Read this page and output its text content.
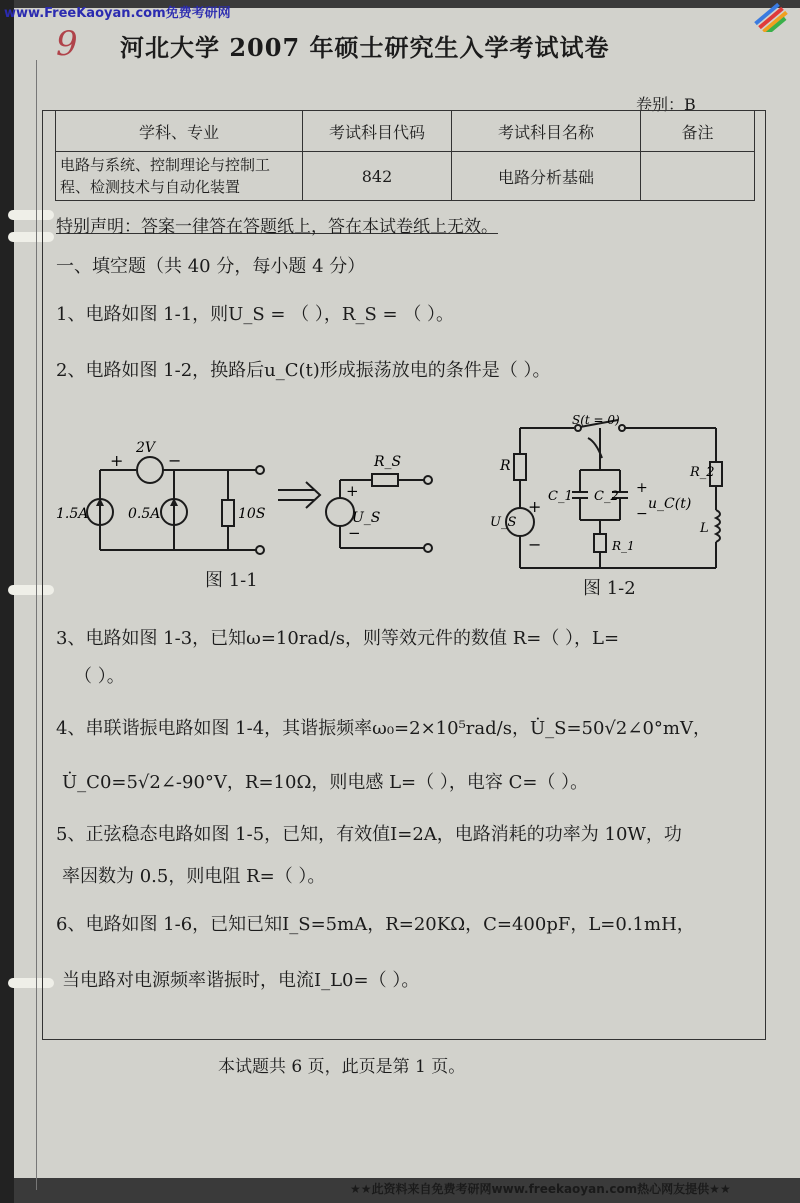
www.FreeKaoyan.com免费考研网
9 河北大学 2007 年硕士研究生入学考试试卷
卷别：B
学科、专业	考试科目代码	考试科目名称	备注
电路与系统、控制理论与控制工程、检测技术与自动化装置	842	电路分析基础	
特别声明：答案一律答在答题纸上，答在本试卷纸上无效。
一、填空题（共 40 分，每小题 4 分）
1、电路如图 1-1，则U_S = （ ），R_S = （ ）。
2、电路如图 1-2，换路后u_C(t)形成振荡放电的条件是（ ）。
+	−
2V
1.5A	0.5A	10S
+
−
R_S
U_S
图 1-1
S(t = 0)
R
U_S
+
−
C_1 C_2
+
−
u_C(t)
R_1
R_2
L
图 1-2
3、电路如图 1-3，已知ω=10rad/s，则等效元件的数值 R=（ ），L=
（ ）。
4、串联谐振电路如图 1-4，其谐振频率ω₀=2×10⁵rad/s，U̇_S=50√2∠0°mV，
U̇_C0=5√2∠-90°V，R=10Ω，则电感 L=（ ），电容 C=（ ）。
5、正弦稳态电路如图 1-5，已知，有效值I=2A，电路消耗的功率为 10W，功
率因数为 0.5，则电阻 R=（ ）。
6、电路如图 1-6，已知已知I_S=5mA，R=20KΩ，C=400pF，L=0.1mH，
当电路对电源频率谐振时，电流I_L0=（ ）。
本试题共 6 页，此页是第 1 页。
★★此资料来自免费考研网www.freekaoyan.com热心网友提供★★
